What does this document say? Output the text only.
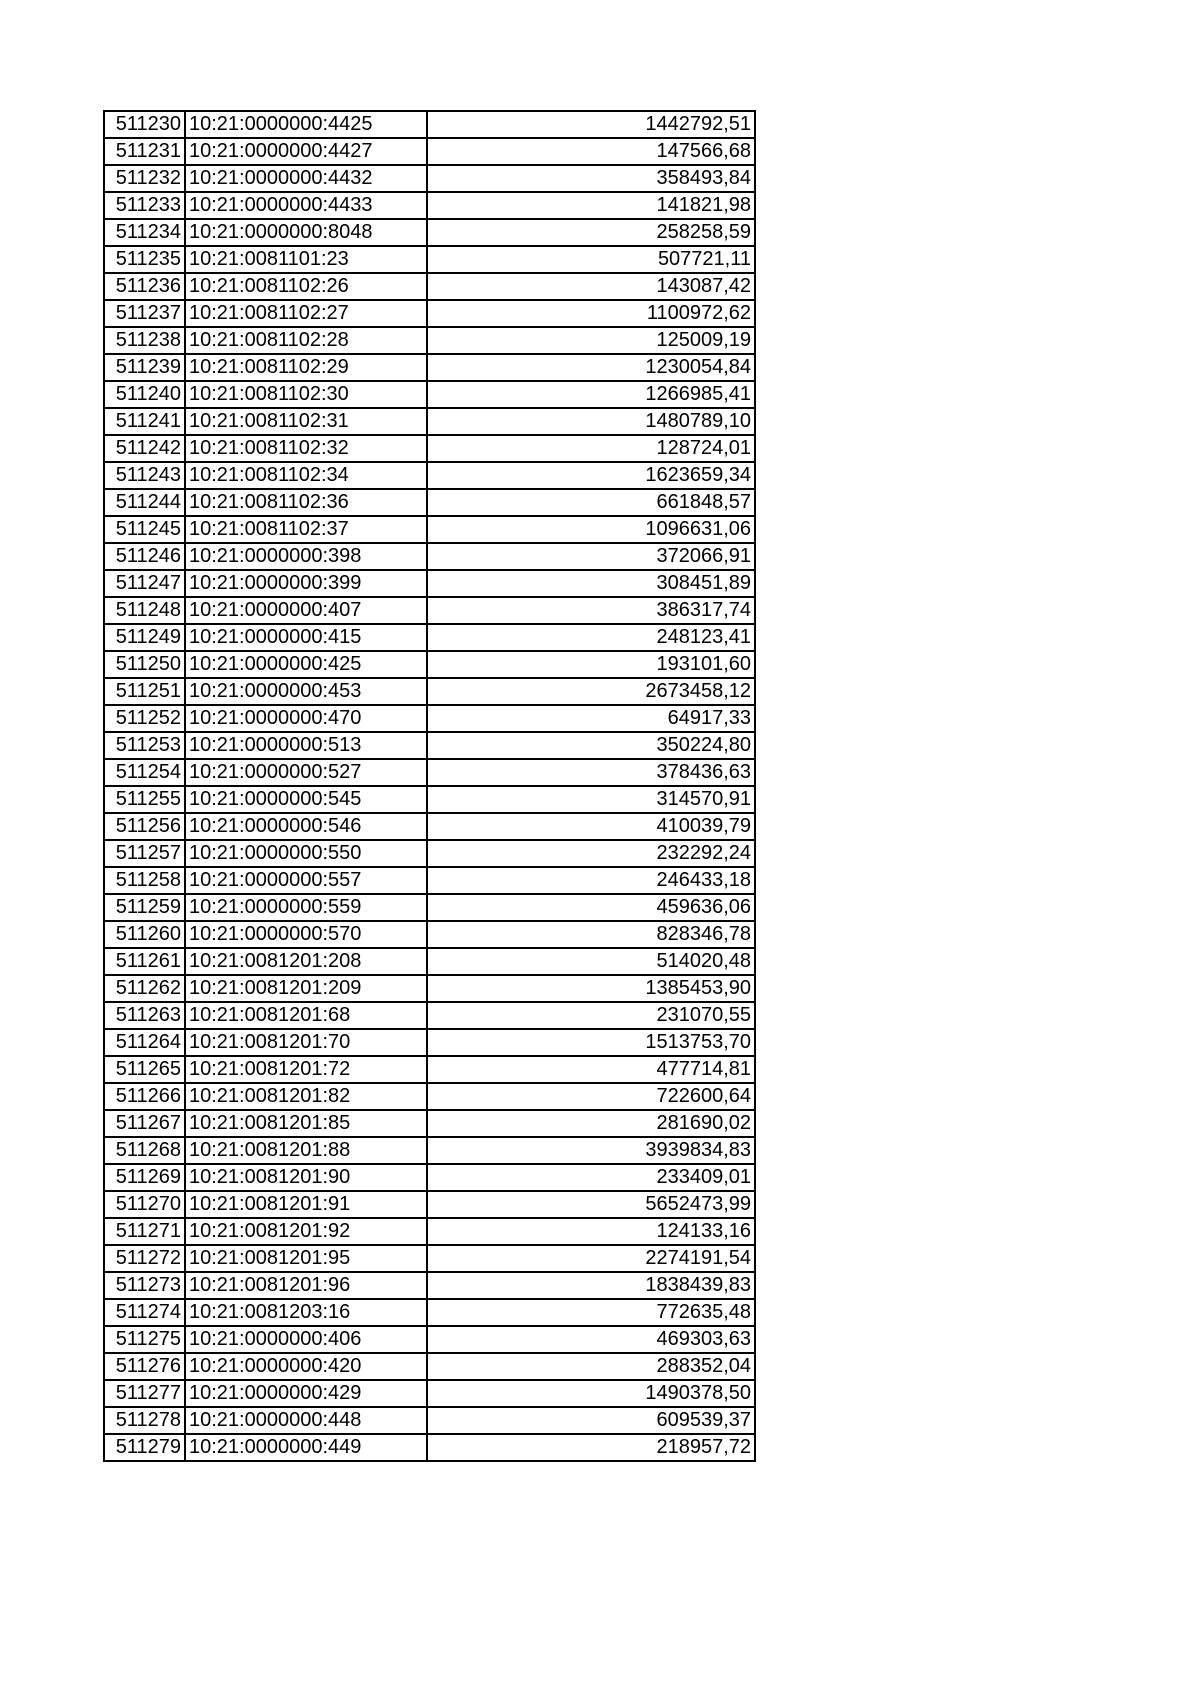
511230	10:21:0000000:4425	1442792,51
511231	10:21:0000000:4427	147566,68
511232	10:21:0000000:4432	358493,84
511233	10:21:0000000:4433	141821,98
511234	10:21:0000000:8048	258258,59
511235	10:21:0081101:23	507721,11
511236	10:21:0081102:26	143087,42
511237	10:21:0081102:27	1100972,62
511238	10:21:0081102:28	125009,19
511239	10:21:0081102:29	1230054,84
511240	10:21:0081102:30	1266985,41
511241	10:21:0081102:31	1480789,10
511242	10:21:0081102:32	128724,01
511243	10:21:0081102:34	1623659,34
511244	10:21:0081102:36	661848,57
511245	10:21:0081102:37	1096631,06
511246	10:21:0000000:398	372066,91
511247	10:21:0000000:399	308451,89
511248	10:21:0000000:407	386317,74
511249	10:21:0000000:415	248123,41
511250	10:21:0000000:425	193101,60
511251	10:21:0000000:453	2673458,12
511252	10:21:0000000:470	64917,33
511253	10:21:0000000:513	350224,80
511254	10:21:0000000:527	378436,63
511255	10:21:0000000:545	314570,91
511256	10:21:0000000:546	410039,79
511257	10:21:0000000:550	232292,24
511258	10:21:0000000:557	246433,18
511259	10:21:0000000:559	459636,06
511260	10:21:0000000:570	828346,78
511261	10:21:0081201:208	514020,48
511262	10:21:0081201:209	1385453,90
511263	10:21:0081201:68	231070,55
511264	10:21:0081201:70	1513753,70
511265	10:21:0081201:72	477714,81
511266	10:21:0081201:82	722600,64
511267	10:21:0081201:85	281690,02
511268	10:21:0081201:88	3939834,83
511269	10:21:0081201:90	233409,01
511270	10:21:0081201:91	5652473,99
511271	10:21:0081201:92	124133,16
511272	10:21:0081201:95	2274191,54
511273	10:21:0081201:96	1838439,83
511274	10:21:0081203:16	772635,48
511275	10:21:0000000:406	469303,63
511276	10:21:0000000:420	288352,04
511277	10:21:0000000:429	1490378,50
511278	10:21:0000000:448	609539,37
511279	10:21:0000000:449	218957,72
